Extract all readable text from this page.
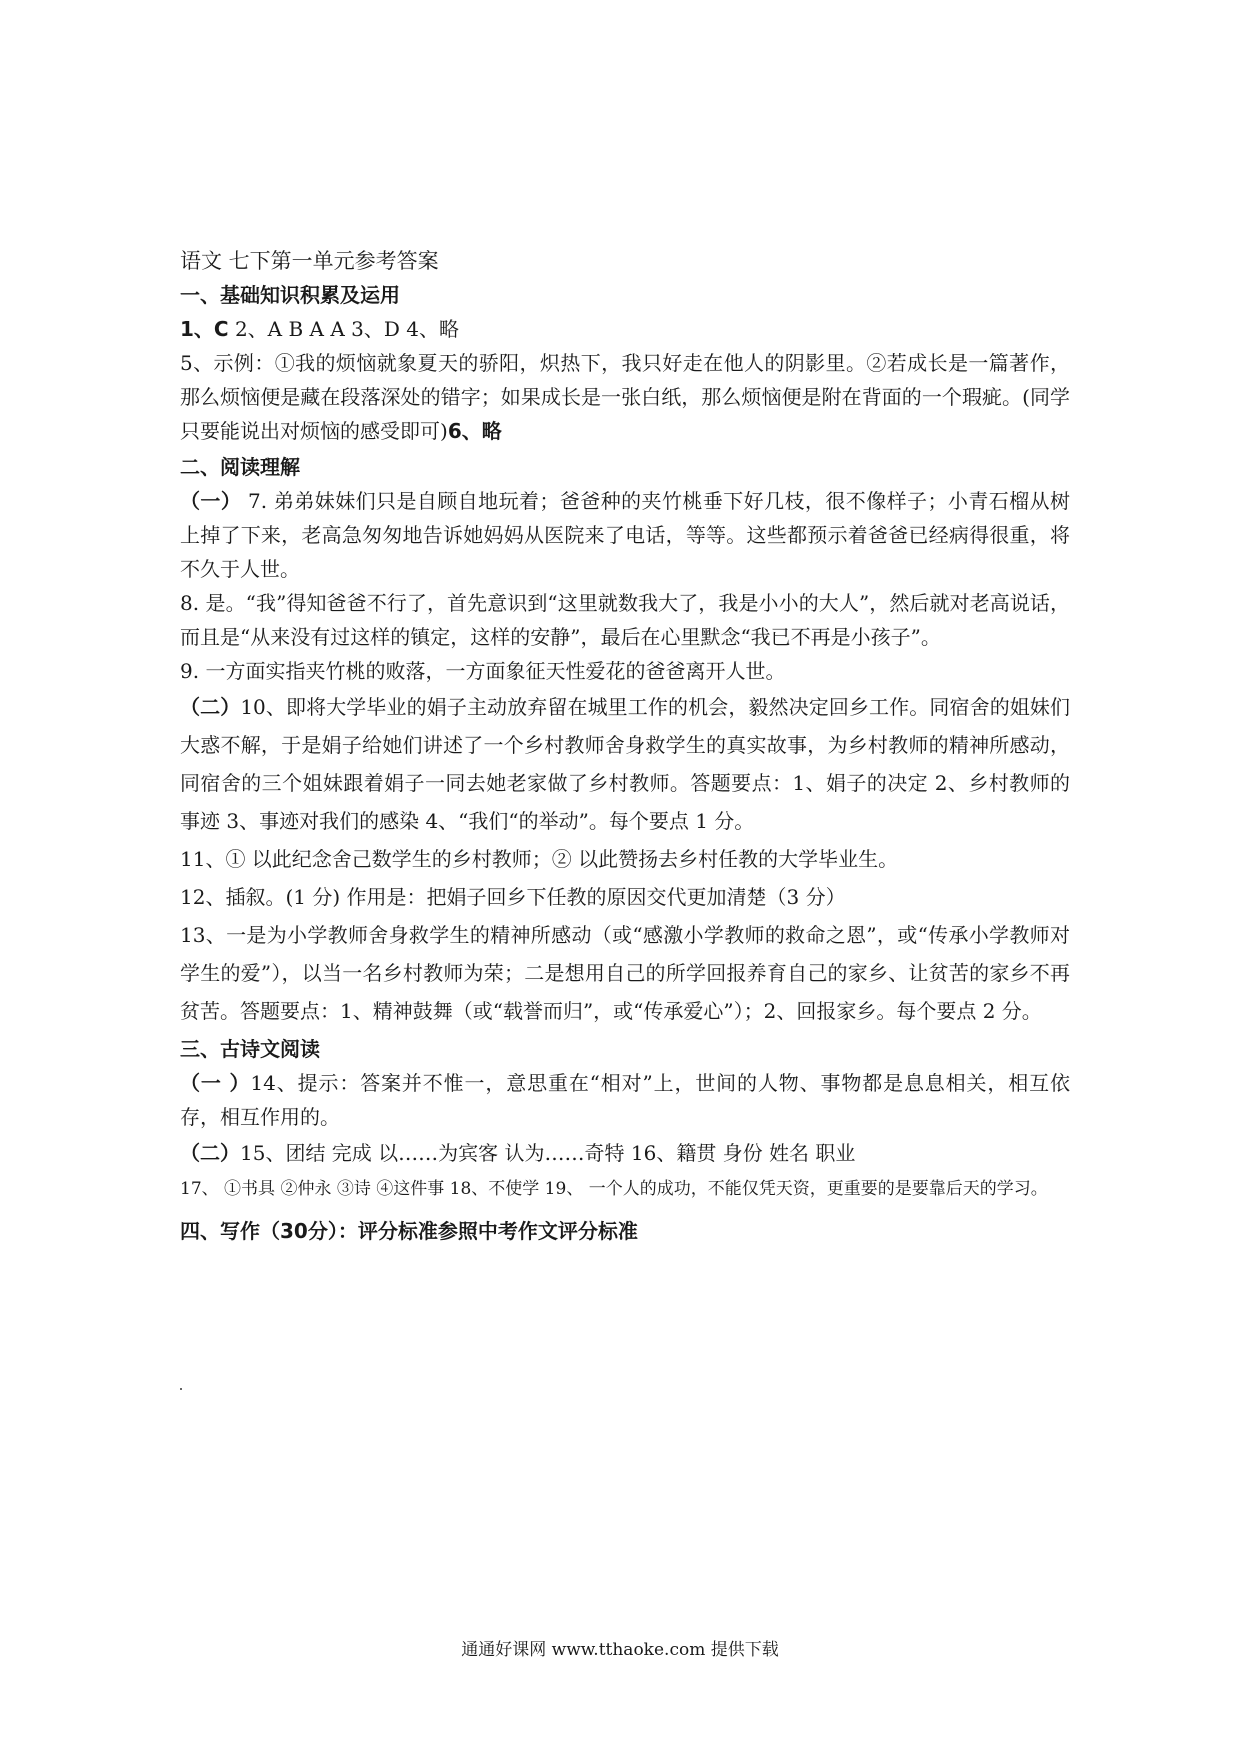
语文 七下第一单元参考答案

一、基础知识积累及运用

1、C 2、A B A A 3、D 4、略

5、示例：①我的烦恼就象夏天的骄阳，炽热下，我只好走在他人的阴影里。②若成长是一篇著作，那么烦恼便是藏在段落深处的错字；如果成长是一张白纸，那么烦恼便是附在背面的一个瑕疵。(同学只要能说出对烦恼的感受即可)6、略

二、阅读理解

（一） 7. 弟弟妹妹们只是自顾自地玩着；爸爸种的夹竹桃垂下好几枝，很不像样子；小青石榴从树上掉了下来，老高急匆匆地告诉她妈妈从医院来了电话，等等。这些都预示着爸爸已经病得很重，将不久于人世。

8. 是。“我”得知爸爸不行了，首先意识到“这里就数我大了，我是小小的大人”，然后就对老高说话，而且是“从来没有过这样的镇定，这样的安静”，最后在心里默念“我已不再是小孩子”。

9. 一方面实指夹竹桃的败落，一方面象征天性爱花的爸爸离开人世。

（二）10、即将大学毕业的娟子主动放弃留在城里工作的机会，毅然决定回乡工作。同宿舍的姐妹们大惑不解，于是娟子给她们讲述了一个乡村教师舍身救学生的真实故事，为乡村教师的精神所感动，同宿舍的三个姐妹跟着娟子一同去她老家做了乡村教师。答题要点：1、娟子的决定 2、乡村教师的事迹 3、事迹对我们的感染 4、“我们“的举动”。每个要点 1 分。

11、① 以此纪念舍己数学生的乡村教师；② 以此赞扬去乡村任教的大学毕业生。

12、插叙。(1 分) 作用是：把娟子回乡下任教的原因交代更加清楚（3 分）

13、一是为小学教师舍身救学生的精神所感动（或“感激小学教师的救命之恩”，或“传承小学教师对学生的爱”），以当一名乡村教师为荣；二是想用自己的所学回报养育自己的家乡、让贫苦的家乡不再贫苦。答题要点：1、精神鼓舞（或“载誉而归”，或“传承爱心”）；2、回报家乡。每个要点 2 分。

三、古诗文阅读

（一 ）14、提示：答案并不惟一，意思重在“相对”上，世间的人物、事物都是息息相关，相互依存，相互作用的。

（二）15、团结 完成 以……为宾客 认为……奇特 16、籍贯 身份 姓名 职业

17、 ①书具 ②仲永 ③诗 ④这件事 18、不使学 19、 一个人的成功，不能仅凭天资，更重要的是要靠后天的学习。

四、写作（30分）：评分标准参照中考作文评分标准

通通好课网 www.tthaoke.com 提供下载
